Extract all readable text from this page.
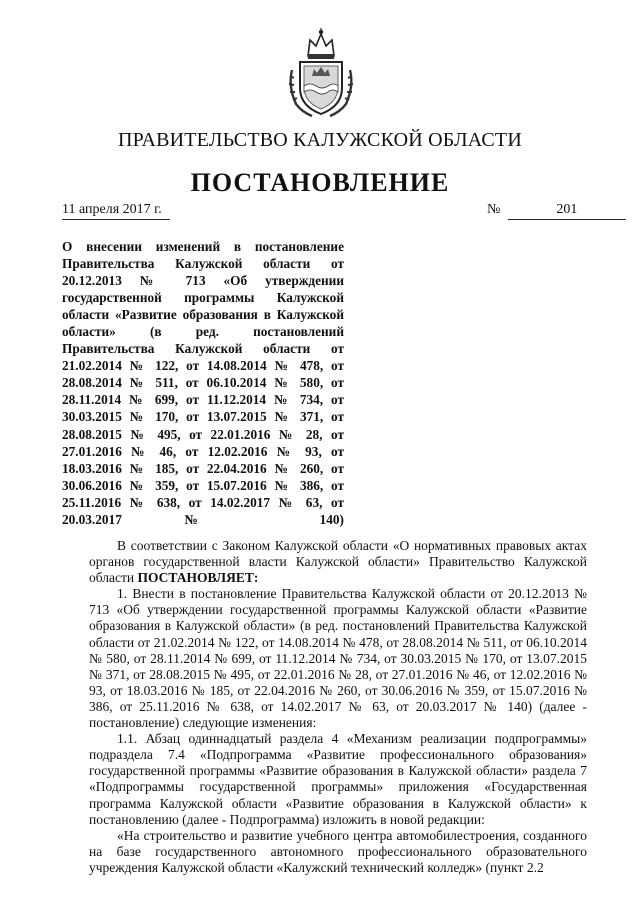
ПРАВИТЕЛЬСТВО КАЛУЖСКОЙ ОБЛАСТИ
ПОСТАНОВЛЕНИЕ
11 апреля 2017 г.	№	201
О внесении изменений в постановление Правительства Калужской области от 20.12.2013 № 713 «Об утверждении государственной программы Калужской области «Развитие образования в Калужской области» (в ред. постановлений Правительства Калужской области от 21.02.2014 № 122, от 14.08.2014 № 478, от 28.08.2014 № 511, от 06.10.2014 № 580, от 28.11.2014 № 699, от 11.12.2014 № 734, от 30.03.2015 № 170, от 13.07.2015 № 371, от 28.08.2015 № 495, от 22.01.2016 № 28, от 27.01.2016 № 46, от 12.02.2016 № 93, от 18.03.2016 № 185, от 22.04.2016 № 260, от 30.06.2016 № 359, от 15.07.2016 № 386, от 25.11.2016 № 638, от 14.02.2017 № 63, от 20.03.2017 № 140)

В соответствии с Законом Калужской области «О нормативных правовых актах органов государственной власти Калужской области» Правительство Калужской области ПОСТАНОВЛЯЕТ:

1. Внести в постановление Правительства Калужской области от 20.12.2013 № 713 «Об утверждении государственной программы Калужской области «Развитие образования в Калужской области» (в ред. постановлений Правительства Калужской области от 21.02.2014 № 122, от 14.08.2014 № 478, от 28.08.2014 № 511, от 06.10.2014 № 580, от 28.11.2014 № 699, от 11.12.2014 № 734, от 30.03.2015 № 170, от 13.07.2015 № 371, от 28.08.2015 № 495, от 22.01.2016 № 28, от 27.01.2016 № 46, от 12.02.2016 № 93, от 18.03.2016 № 185, от 22.04.2016 № 260, от 30.06.2016 № 359, от 15.07.2016 № 386, от 25.11.2016 № 638, от 14.02.2017 № 63, от 20.03.2017 № 140) (далее - постановление) следующие изменения:

1.1. Абзац одиннадцатый раздела 4 «Механизм реализации подпрограммы» подраздела 7.4 «Подпрограмма «Развитие профессионального образования» государственной программы «Развитие образования в Калужской области» раздела 7 «Подпрограммы государственной программы» приложения «Государственная программа Калужской области «Развитие образования в Калужской области» к постановлению (далее - Подпрограмма) изложить в новой редакции:

«На строительство и развитие учебного центра автомобилестроения, созданного на базе государственного автономного профессионального образовательного учреждения Калужской области «Калужский технический колледж» (пункт 2.2
